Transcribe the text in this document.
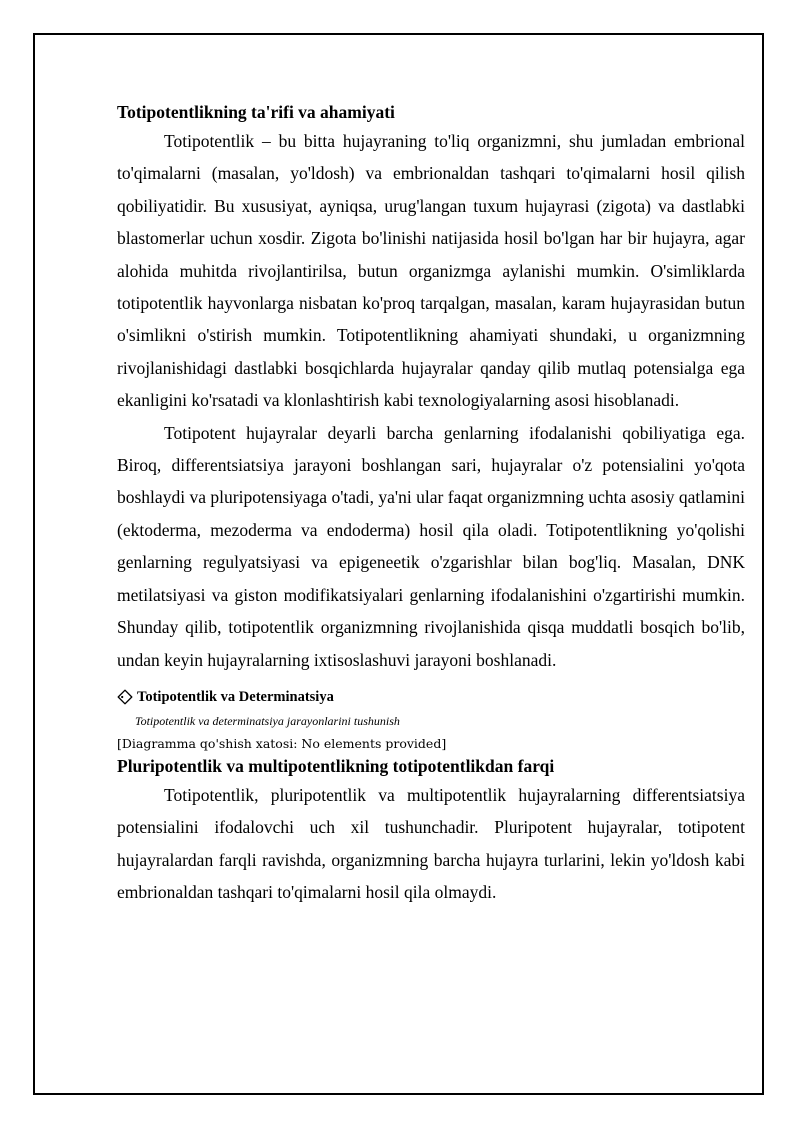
Totipotentlikning ta'rifi va ahamiyati

Totipotentlik – bu bitta hujayraning to'liq organizmni, shu jumladan embrional to'qimalarni (masalan, yo'ldosh) va embrionaldan tashqari to'qimalarni hosil qilish qobiliyatidir. Bu xususiyat, ayniqsa, urug'langan tuxum hujayrasi (zigota) va dastlabki blastomerlar uchun xosdir. Zigota bo'linishi natijasida hosil bo'lgan har bir hujayra, agar alohida muhitda rivojlantirilsa, butun organizmga aylanishi mumkin. O'simliklarda totipotentlik hayvonlarga nisbatan ko'proq tarqalgan, masalan, karam hujayrasidan butun o'simlikni o'stirish mumkin. Totipotentlikning ahamiyati shundaki, u organizmning rivojlanishidagi dastlabki bosqichlarda hujayralar qanday qilib mutlaq potensialga ega ekanligini ko'rsatadi va klonlashtirish kabi texnologiyalarning asosi hisoblanadi.

Totipotent hujayralar deyarli barcha genlarning ifodalanishi qobiliyatiga ega. Biroq, differentsiatsiya jarayoni boshlangan sari, hujayralar o'z potensialini yo'qota boshlaydi va pluripotensiyaga o'tadi, ya'ni ular faqat organizmning uchta asosiy qatlamini (ektoderma, mezoderma va endoderma) hosil qila oladi. Totipotentlikning yo'qolishi genlarning regulyatsiyasi va epigeneetik o'zgarishlar bilan bog'liq. Masalan, DNK metilatsiyasi va giston modifikatsiyalari genlarning ifodalanishini o'zgartirishi mumkin. Shunday qilib, totipotentlik organizmning rivojlanishida qisqa muddatli bosqich bo'lib, undan keyin hujayralarning ixtisoslashuvi jarayoni boshlanadi.

Totipotentlik va Determinatsiya
Totipotentlik va determinatsiya jarayonlarini tushunish
[Diagramma qo'shish xatosi: No elements provided]
Pluripotentlik va multipotentlikning totipotentlikdan farqi

Totipotentlik, pluripotentlik va multipotentlik hujayralarning differentsiatsiya potensialini ifodalovchi uch xil tushunchadir. Pluripotent hujayralar, totipotent hujayralardan farqli ravishda, organizmning barcha hujayra turlarini, lekin yo'ldosh kabi embrionaldan tashqari to'qimalarni hosil qila olmaydi.
